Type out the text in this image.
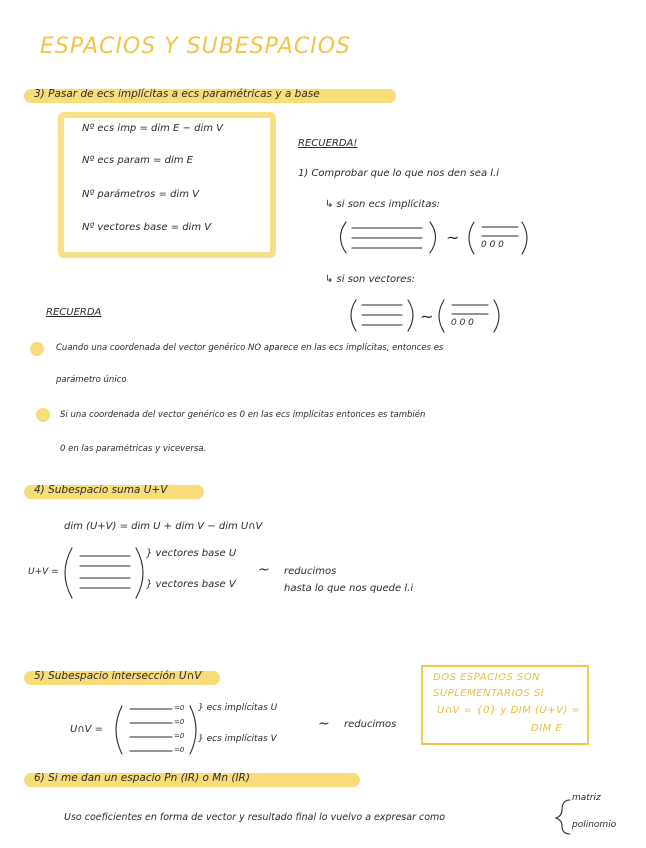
ESPACIOS Y SUBESPACIOS
3) Pasar de ecs implícitas a ecs paramétricas y a base
Nº ecs imp = dim E − dim V
Nº ecs param = dim E
Nº parámetros = dim V
Nº vectores base = dim V
RECUERDA!
1) Comprobar que lo que nos den sea l.i
↳ si son ecs implícitas:
↳ si son vectores:
~ 0 0 0
~ 0 0 0
RECUERDA
Cuando una coordenada del vector genérico NO aparece en las ecs implícitas, entonces es
parámetro único
Si una coordenada del vector genérico es 0 en las ecs implícitas entonces es también
0 en las paramétricas y viceversa.
4) Subespacio suma U+V
dim (U+V) = dim U + dim V − dim U∩V
U+V =
} vectores base U
} vectores base V
~ reducimos
hasta lo que nos quede l.i
5) Subespacio intersección U∩V
U∩V =
=0
=0
=0
=0
} ecs implícitas U
} ecs implícitas V
~ reducimos
DOS ESPACIOS SON
SUPLEMENTARIOS SI
U∩V = {0} y DIM (U+V) =
DIM E
6) Si me dan un espacio Pn (IR) o Mn (IR)
Uso coeficientes en forma de vector y resultado final lo vuelvo a expresar como
matriz
polinomio
